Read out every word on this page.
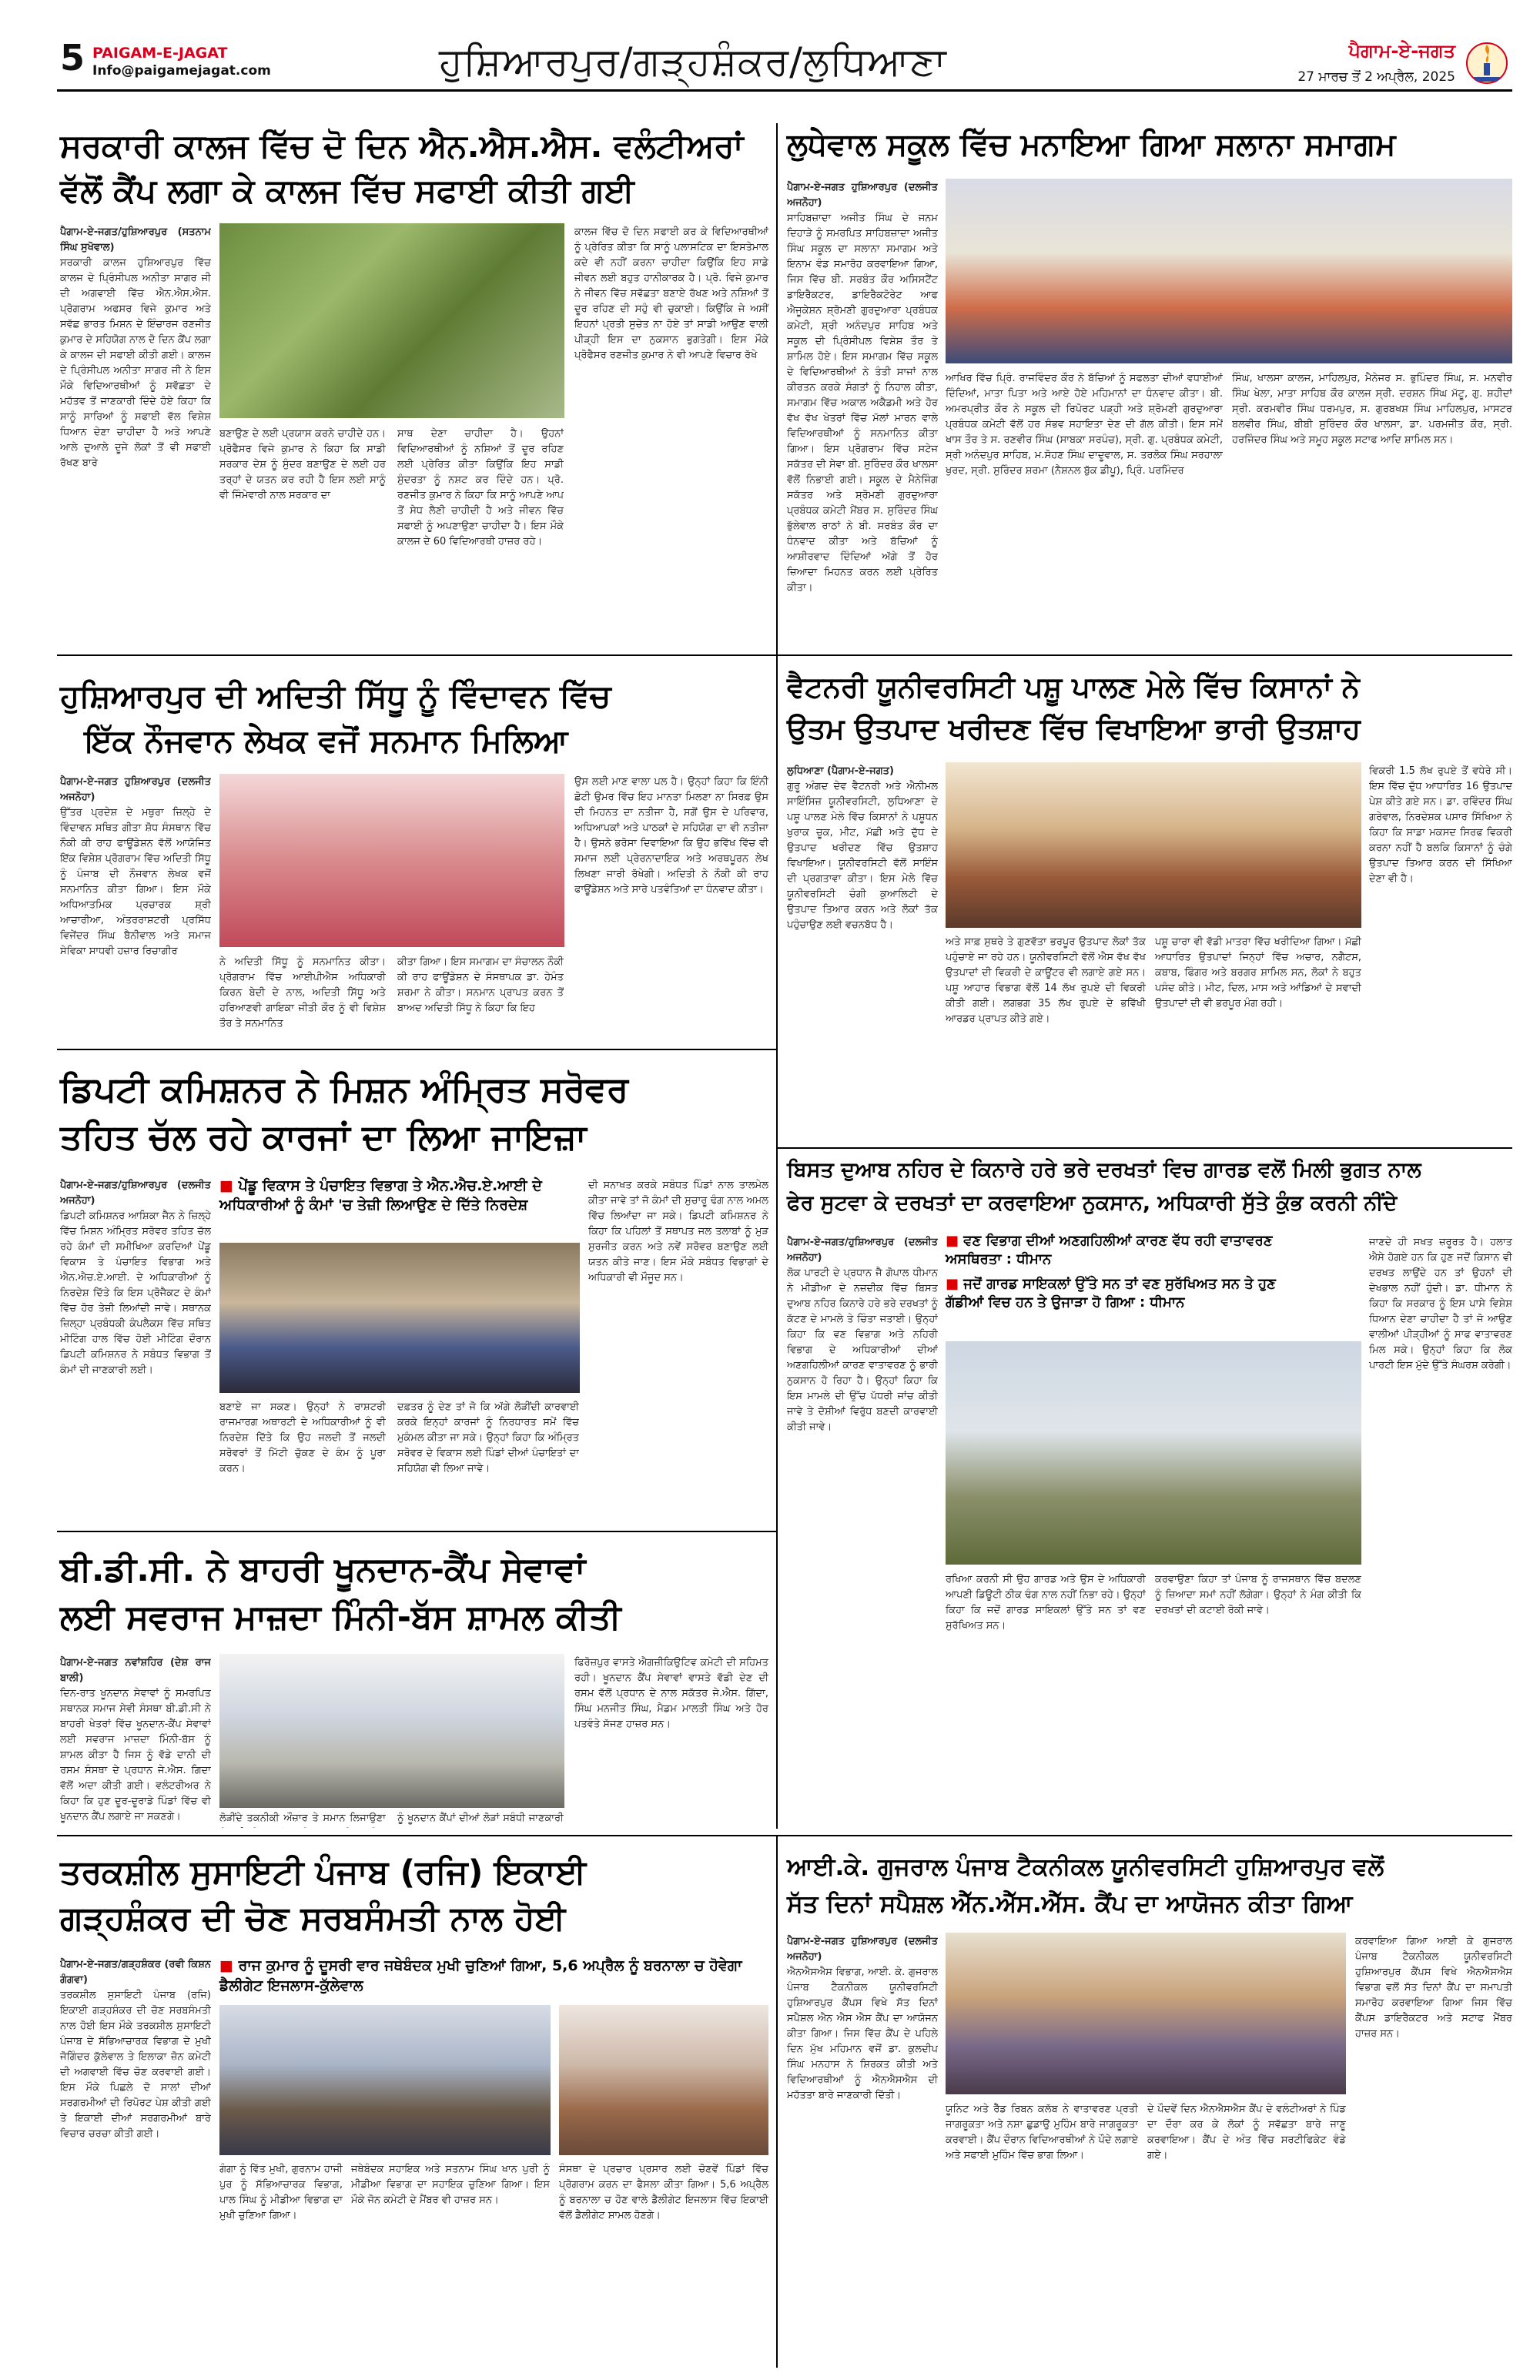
5 PAIGAM-E-JAGAT
Info@paigamejagat.com	ਹੁਸ਼ਿਆਰਪੁਰ/ਗੜ੍ਹਸ਼ੰਕਰ/ਲੁਧਿਆਣਾ	ਪੈਗਾਮ-ਏ-ਜਗਤ
27 ਮਾਰਚ ਤੋਂ 2 ਅਪ੍ਰੈਲ, 2025
ਸਰਕਾਰੀ ਕਾਲਜ ਵਿੱਚ ਦੋ ਦਿਨ ਐਨ.ਐਸ.ਐਸ. ਵਲੰਟੀਅਰਾਂ
ਵੱਲੋਂ ਕੈਂਪ ਲਗਾ ਕੇ ਕਾਲਜ ਵਿੱਚ ਸਫਾਈ ਕੀਤੀ ਗਈ
ਪੈਗਾਮ-ਏ-ਜਗਤ/ਹੁਸ਼ਿਆਰਪੁਰ (ਸਤਨਾਮ ਸਿੰਘ ਸੁਖੋਵਾਲ)
ਸਰਕਾਰੀ ਕਾਲਜ ਹੁਸ਼ਿਆਰਪੁਰ ਵਿੱਚ ਕਾਲਜ ਦੇ ਪ੍ਰਿੰਸੀਪਲ ਅਨੀਤਾ ਸਾਗਰ ਜੀ ਦੀ ਅਗਵਾਈ ਵਿੱਚ ਐਨ.ਐਸ.ਐਸ. ਪ੍ਰੋਗਰਾਮ ਅਫਸਰ ਵਿਜੇ ਕੁਮਾਰ ਅਤੇ ਸਵੱਛ ਭਾਰਤ ਮਿਸ਼ਨ ਦੇ ਇੰਚਾਰਜ ਰਣਜੀਤ ਕੁਮਾਰ ਦੇ ਸਹਿਯੋਗ ਨਾਲ ਦੋ ਦਿਨ ਕੈਂਪ ਲਗਾ ਕੇ ਕਾਲਜ ਦੀ ਸਫਾਈ ਕੀਤੀ ਗਈ। ਕਾਲਜ ਦੇ ਪ੍ਰਿੰਸੀਪਲ ਅਨੀਤਾ ਸਾਗਰ ਜੀ ਨੇ ਇਸ ਮੌਕੇ ਵਿਦਿਆਰਥੀਆਂ ਨੂੰ ਸਵੱਛਤਾ ਦੇ ਮਹੱਤਵ ਤੋਂ ਜਾਣਕਾਰੀ ਦਿੰਦੇ ਹੋਏ ਕਿਹਾ ਕਿ ਸਾਨੂੰ ਸਾਰਿਆਂ ਨੂੰ ਸਫਾਈ ਵੱਲ ਵਿਸ਼ੇਸ਼ ਧਿਆਨ ਦੇਣਾ ਚਾਹੀਦਾ ਹੈ ਅਤੇ ਆਪਣੇ ਆਲੇ ਦੁਆਲੇ ਦੂਜੇ ਲੋਕਾਂ ਤੋਂ ਵੀ ਸਫਾਈ ਰੱਖਣ ਬਾਰੇ
ਬਣਾਉਣ ਦੇ ਲਈ ਪ੍ਰਯਾਸ ਕਰਨੇ ਚਾਹੀਦੇ ਹਨ। ਪ੍ਰੋਫੈਸਰ ਵਿਜੇ ਕੁਮਾਰ ਨੇ ਕਿਹਾ ਕਿ ਸਾਡੀ ਸਰਕਾਰ ਦੇਸ਼ ਨੂੰ ਸੁੰਦਰ ਬਣਾਉਣ ਦੇ ਲਈ ਹਰ ਤਰ੍ਹਾਂ ਦੇ ਯਤਨ ਕਰ ਰਹੀ ਹੈ ਇਸ ਲਈ ਸਾਨੂੰ ਵੀ ਜਿੰਮੇਵਾਰੀ ਨਾਲ ਸਰਕਾਰ ਦਾ
ਸਾਥ ਦੇਣਾ ਚਾਹੀਦਾ ਹੈ। ਉਹਨਾਂ ਵਿਦਿਆਰਥੀਆਂ ਨੂੰ ਨਸ਼ਿਆਂ ਤੋਂ ਦੂਰ ਰਹਿਣ ਲਈ ਪ੍ਰੇਰਿਤ ਕੀਤਾ ਕਿਉਂਕਿ ਇਹ ਸਾਡੀ ਸੁੰਦਰਤਾ ਨੂੰ ਨਸ਼ਟ ਕਰ ਦਿੰਦੇ ਹਨ। ਪ੍ਰੋ. ਰਣਜੀਤ ਕੁਮਾਰ ਨੇ ਕਿਹਾ ਕਿ ਸਾਨੂੰ ਆਪਣੇ ਆਪ ਤੋਂ ਸੇਧ ਲੈਣੀ ਚਾਹੀਦੀ ਹੈ ਅਤੇ ਜੀਵਨ ਵਿੱਚ ਸਫਾਈ ਨੂੰ ਅਪਣਾਉਣਾ ਚਾਹੀਦਾ ਹੈ। ਇਸ ਮੌਕੇ ਕਾਲਜ ਦੇ 60 ਵਿਦਿਆਰਥੀ ਹਾਜ਼ਰ ਰਹੇ।
ਕਾਲਜ ਵਿੱਚ ਦੋ ਦਿਨ ਸਫਾਈ ਕਰ ਕੇ ਵਿਦਿਆਰਥੀਆਂ ਨੂੰ ਪ੍ਰੇਰਿਤ ਕੀਤਾ ਕਿ ਸਾਨੂੰ ਪਲਾਸਟਿਕ ਦਾ ਇਸਤੇਮਾਲ ਕਦੇ ਵੀ ਨਹੀਂ ਕਰਨਾ ਚਾਹੀਦਾ ਕਿਉਂਕਿ ਇਹ ਸਾਡੇ ਜੀਵਨ ਲਈ ਬਹੁਤ ਹਾਨੀਕਾਰਕ ਹੈ। ਪ੍ਰੋ. ਵਿਜੇ ਕੁਮਾਰ ਨੇ ਜੀਵਨ ਵਿੱਚ ਸਵੱਛਤਾ ਬਣਾਏ ਰੱਖਣ ਅਤੇ ਨਸ਼ਿਆਂ ਤੋਂ ਦੂਰ ਰਹਿਣ ਦੀ ਸਹੁੰ ਵੀ ਚੁਕਾਈ। ਕਿਉਂਕਿ ਜੇ ਅਸੀਂ ਇਹਨਾਂ ਪ੍ਰਤੀ ਸੁਚੇਤ ਨਾ ਹੋਏ ਤਾਂ ਸਾਡੀ ਆਉਣ ਵਾਲੀ ਪੀੜ੍ਹੀ ਇਸ ਦਾ ਨੁਕਸਾਨ ਭੁਗਤੇਗੀ। ਇਸ ਮੌਕੇ ਪ੍ਰੋਫੈਸਰ ਰਣਜੀਤ ਕੁਮਾਰ ਨੇ ਵੀ ਆਪਣੇ ਵਿਚਾਰ ਰੱਖੇ
ਲੁਧੇਵਾਲ ਸਕੂਲ ਵਿੱਚ ਮਨਾਇਆ ਗਿਆ ਸਲਾਨਾ ਸਮਾਗਮ
ਪੈਗਾਮ-ਏ-ਜਗਤ ਹੁਸ਼ਿਆਰਪੁਰ (ਦਲਜੀਤ ਅਜਨੋਹਾ)
ਸਾਹਿਬਜ਼ਾਦਾ ਅਜੀਤ ਸਿੰਘ ਦੇ ਜਨਮ ਦਿਹਾੜੇ ਨੂੰ ਸਮਰਪਿਤ ਸਾਹਿਬਜ਼ਾਦਾ ਅਜੀਤ ਸਿੰਘ ਸਕੂਲ ਦਾ ਸਲਾਨਾ ਸਮਾਗਮ ਅਤੇ ਇਨਾਮ ਵੰਡ ਸਮਾਰੋਹ ਕਰਵਾਇਆ ਗਿਆ, ਜਿਸ ਵਿੱਚ ਬੀ. ਸਰਬੰਤ ਕੌਰ ਅਸਿਸਟੈਂਟ ਡਾਇਰੈਕਟਰ, ਡਾਇਰੈਕਟੋਰੇਟ ਆਫ ਐਜੂਕੇਸ਼ਨ ਸ਼੍ਰੋਮਣੀ ਗੁਰਦੁਆਰਾ ਪ੍ਰਬੰਧਕ ਕਮੇਟੀ, ਸ਼੍ਰੀ ਅਨੰਦਪੁਰ ਸਾਹਿਬ ਅਤੇ ਸਕੂਲ ਦੀ ਪ੍ਰਿੰਸੀਪਲ ਵਿਸ਼ੇਸ਼ ਤੌਰ ਤੇ ਸ਼ਾਮਿਲ ਹੋਏ। ਇਸ ਸਮਾਗਮ ਵਿੱਚ ਸਕੂਲ ਦੇ ਵਿਦਿਆਰਥੀਆਂ ਨੇ ਤੰਤੀ ਸਾਜਾਂ ਨਾਲ ਕੀਰਤਨ ਕਰਕੇ ਸੰਗਤਾਂ ਨੂੰ ਨਿਹਾਲ ਕੀਤਾ, ਸਮਾਗਮ ਵਿੱਚ ਅਕਾਲ ਅਕੈਡਮੀ ਅਤੇ ਹੋਰ ਵੱਖ ਵੱਖ ਖੇਤਰਾਂ ਵਿੱਚ ਮੱਲਾਂ ਮਾਰਨ ਵਾਲੇ ਵਿਦਿਆਰਥੀਆਂ ਨੂੰ ਸਨਮਾਨਿਤ ਕੀਤਾ ਗਿਆ। ਇਸ ਪ੍ਰੋਗਰਾਮ ਵਿੱਚ ਸਟੇਜ ਸਕੱਤਰ ਦੀ ਸੇਵਾ ਬੀ. ਸੁਰਿੰਦਰ ਕੌਰ ਖਾਲਸਾ ਵੱਲੋਂ ਨਿਭਾਈ ਗਈ। ਸਕੂਲ ਦੇ ਮੈਨੇਜਿੰਗ ਸਕੱਤਰ ਅਤੇ ਸ਼੍ਰੋਮਣੀ ਗੁਰਦੁਆਰਾ ਪ੍ਰਬੰਧਕ ਕਮੇਟੀ ਮੈਂਬਰ ਸ. ਸੁਰਿੰਦਰ ਸਿੰਘ ਭੁੱਲੇਵਾਲ ਰਾਠਾਂ ਨੇ ਬੀ. ਸਰਬੰਤ ਕੌਰ ਦਾ ਧੰਨਵਾਦ ਕੀਤਾ ਅਤੇ ਬੱਚਿਆਂ ਨੂੰ ਆਸ਼ੀਰਵਾਦ ਦਿੰਦਿਆਂ ਅੱਗੇ ਤੋਂ ਹੋਰ ਜ਼ਿਆਦਾ ਮਿਹਨਤ ਕਰਨ ਲਈ ਪ੍ਰੇਰਿਤ ਕੀਤਾ।
ਆਖਿਰ ਵਿੱਚ ਪ੍ਰਿੰ. ਰਾਜਵਿੰਦਰ ਕੌਰ ਨੇ ਬੱਚਿਆਂ ਨੂੰ ਸਫਲਤਾ ਦੀਆਂ ਵਧਾਈਆਂ ਦਿੰਦਿਆਂ, ਮਾਤਾ ਪਿਤਾ ਅਤੇ ਆਏ ਹੋਏ ਮਹਿਮਾਨਾਂ ਦਾ ਧੰਨਵਾਦ ਕੀਤਾ। ਬੀ. ਅਮਰਪ੍ਰੀਤ ਕੌਰ ਨੇ ਸਕੂਲ ਦੀ ਰਿਪੋਰਟ ਪੜ੍ਹੀ ਅਤੇ ਸ਼੍ਰੋਮਣੀ ਗੁਰਦੁਆਰਾ ਪ੍ਰਬੰਧਕ ਕਮੇਟੀ ਵੱਲੋਂ ਹਰ ਸੰਭਵ ਸਹਾਇਤਾ ਦੇਣ ਦੀ ਗੱਲ ਕੀਤੀ। ਇਸ ਸਮੇਂ ਖਾਸ ਤੌਰ ਤੇ ਸ. ਰਣਵੀਰ ਸਿੰਘ (ਸਾਬਕਾ ਸਰਪੰਚ), ਸ੍ਰੀ. ਗੁ. ਪ੍ਰਬੰਧਕ ਕਮੇਟੀ, ਸ੍ਰੀ ਅਨੰਦਪੁਰ ਸਾਹਿਬ, ਮ.ਸੋਹਣ ਸਿੰਘ ਦਾਦੂਵਾਲ, ਸ. ਤਰਲੋਕ ਸਿੰਘ ਸਰਹਾਲਾ ਖੁਰਦ, ਸ੍ਰੀ. ਸੁਰਿੰਦਰ ਸ਼ਰਮਾ (ਨੈਸ਼ਨਲ ਬੁੱਕ ਡੀਪੂ), ਪ੍ਰਿੰ. ਪਰਮਿੰਦਰ
ਸਿੰਘ, ਖਾਲਸਾ ਕਾਲਜ, ਮਾਹਿਲਪੁਰ, ਮੈਨੇਜਰ ਸ. ਭੁਪਿੰਦਰ ਸਿੰਘ, ਸ. ਮਨਵੀਰ ਸਿੰਘ ਖੇਲਾ, ਮਾਤਾ ਸਾਹਿਬ ਕੌਰ ਕਾਲਜ ਸ੍ਰੀ. ਦਰਸ਼ਨ ਸਿੰਘ ਮੱਟੂ, ਗੁ. ਸ਼ਹੀਦਾਂ ਸ੍ਰੀ. ਕਰਮਵੀਰ ਸਿੰਘ ਧਰਮਪੁਰ, ਸ. ਗੁਰਬਖਸ਼ ਸਿੰਘ ਮਾਹਿਲਪੁਰ, ਮਾਸਟਰ ਬਲਵੀਰ ਸਿੰਘ, ਬੀਬੀ ਸੁਰਿੰਦਰ ਕੌਰ ਖਾਲਸਾ, ਡਾ. ਪਰਮਜੀਤ ਕੌਰ, ਸ੍ਰੀ. ਹਰਜਿੰਦਰ ਸਿੰਘ ਅਤੇ ਸਮੂਹ ਸਕੂਲ ਸਟਾਫ ਆਦਿ ਸ਼ਾਮਿਲ ਸਨ।
ਹੁਸ਼ਿਆਰਪੁਰ ਦੀ ਅਦਿਤੀ ਸਿੱਧੂ ਨੂੰ ਵਿੰਦਾਵਨ ਵਿੱਚ
ਇੱਕ ਨੌਜਵਾਨ ਲੇਖਕ ਵਜੋਂ ਸਨਮਾਨ ਮਿਲਿਆ
ਪੈਗਾਮ-ਏ-ਜਗਤ ਹੁਸ਼ਿਆਰਪੁਰ (ਦਲਜੀਤ ਅਜਨੋਹਾ)
ਉੱਤਰ ਪ੍ਰਦੇਸ਼ ਦੇ ਮਥੁਰਾ ਜ਼ਿਲ੍ਹੇ ਦੇ ਵਿੰਦਾਵਨ ਸਥਿਤ ਗੀਤਾ ਸ਼ੋਧ ਸੰਸਥਾਨ ਵਿੱਚ ਨੌਕੀ ਕੀ ਰਾਹ ਫਾਊਂਡੇਸ਼ਨ ਵੱਲੋਂ ਆਯੋਜਿਤ ਇੱਕ ਵਿਸ਼ੇਸ਼ ਪ੍ਰੋਗਰਾਮ ਵਿੱਚ ਅਦਿਤੀ ਸਿੱਧੂ ਨੂੰ ਪੰਜਾਬ ਦੀ ਨੌਜਵਾਨ ਲੇਖਕ ਵਜੋਂ ਸਨਮਾਨਿਤ ਕੀਤਾ ਗਿਆ। ਇਸ ਮੌਕੇ ਅਧਿਆਤਮਿਕ ਪ੍ਰਚਾਰਕ ਸ਼੍ਰੀ ਆਚਾਰੀਆ, ਅੰਤਰਰਾਸ਼ਟਰੀ ਪ੍ਰਸਿੱਧ ਵਿਜੇਂਦਰ ਸਿੰਘ ਬੈਨੀਵਾਲ ਅਤੇ ਸਮਾਜ ਸੇਵਿਕਾ ਸਾਧਵੀ ਹਜ਼ਾਰ ਰਿਚਾਗੀਰ
ਨੇ ਅਦਿਤੀ ਸਿੱਧੂ ਨੂੰ ਸਨਮਾਨਿਤ ਕੀਤਾ। ਪ੍ਰੋਗਰਾਮ ਵਿੱਚ ਆਈਪੀਐਸ ਅਧਿਕਾਰੀ ਕਿਰਨ ਬੇਦੀ ਦੇ ਨਾਲ, ਅਦਿਤੀ ਸਿੱਧੂ ਅਤੇ ਹਰਿਆਣਵੀ ਗਾਇਕਾ ਜੀਤੀ ਕੌਰ ਨੂੰ ਵੀ ਵਿਸ਼ੇਸ਼ ਤੌਰ ਤੇ ਸਨਮਾਨਿਤ
ਕੀਤਾ ਗਿਆ। ਇਸ ਸਮਾਗਮ ਦਾ ਸੰਚਾਲਨ ਨੌਕੀ ਕੀ ਰਾਹ ਫਾਊਂਡੇਸ਼ਨ ਦੇ ਸੰਸਥਾਪਕ ਡਾ. ਹੇਮੰਤ ਸ਼ਰਮਾ ਨੇ ਕੀਤਾ। ਸਨਮਾਨ ਪ੍ਰਾਪਤ ਕਰਨ ਤੋਂ ਬਾਅਦ ਅਦਿਤੀ ਸਿੱਧੂ ਨੇ ਕਿਹਾ ਕਿ ਇਹ
ਉਸ ਲਈ ਮਾਣ ਵਾਲਾ ਪਲ ਹੈ। ਉਨ੍ਹਾਂ ਕਿਹਾ ਕਿ ਇੰਨੀ ਛੋਟੀ ਉਮਰ ਵਿੱਚ ਇਹ ਮਾਨਤਾ ਮਿਲਣਾ ਨਾ ਸਿਰਫ਼ ਉਸ ਦੀ ਮਿਹਨਤ ਦਾ ਨਤੀਜਾ ਹੈ, ਸਗੋਂ ਉਸ ਦੇ ਪਰਿਵਾਰ, ਅਧਿਆਪਕਾਂ ਅਤੇ ਪਾਠਕਾਂ ਦੇ ਸਹਿਯੋਗ ਦਾ ਵੀ ਨਤੀਜਾ ਹੈ। ਉਸਨੇ ਭਰੋਸਾ ਦਿਵਾਇਆ ਕਿ ਉਹ ਭਵਿੱਖ ਵਿੱਚ ਵੀ ਸਮਾਜ ਲਈ ਪ੍ਰੇਰਨਾਦਾਇਕ ਅਤੇ ਅਰਥਪੂਰਨ ਲੇਖ ਲਿਖਣਾ ਜਾਰੀ ਰੱਖੇਗੀ। ਅਦਿਤੀ ਨੇ ਨੌਕੀ ਕੀ ਰਾਹ ਫਾਊਂਡੇਸ਼ਨ ਅਤੇ ਸਾਰੇ ਪਤਵੰਤਿਆਂ ਦਾ ਧੰਨਵਾਦ ਕੀਤਾ।
ਵੈਟਨਰੀ ਯੂਨੀਵਰਸਿਟੀ ਪਸ਼ੂ ਪਾਲਣ ਮੇਲੇ ਵਿੱਚ ਕਿਸਾਨਾਂ ਨੇ
ਉਤਮ ਉਤਪਾਦ ਖਰੀਦਣ ਵਿੱਚ ਵਿਖਾਇਆ ਭਾਰੀ ਉਤਸ਼ਾਹ
ਲੁਧਿਆਣਾ (ਪੈਗਾਮ-ਏ-ਜਗਤ)
ਗੁਰੂ ਅੰਗਦ ਦੇਵ ਵੈਟਨਰੀ ਅਤੇ ਐਨੀਮਲ ਸਾਇੰਸਿਜ਼ ਯੂਨੀਵਰਸਿਟੀ, ਲੁਧਿਆਣਾ ਦੇ ਪਸ਼ੂ ਪਾਲਣ ਮੇਲੇ ਵਿੱਚ ਕਿਸਾਨਾਂ ਨੇ ਪਸ਼ੂਧਨ ਖੁਰਾਕ ਚੂਕ, ਮੀਟ, ਮੱਛੀ ਅਤੇ ਦੁੱਧ ਦੇ ਉਤਪਾਦ ਖਰੀਦਣ ਵਿੱਚ ਉਤਸ਼ਾਹ ਵਿਖਾਇਆ। ਯੂਨੀਵਰਸਿਟੀ ਵੱਲੋਂ ਸਾਇੰਸ ਦੀ ਪ੍ਰਗਤਾਵਾ ਕੀਤਾ। ਇਸ ਮੇਲੇ ਵਿੱਚ ਯੂਨੀਵਰਸਿਟੀ ਚੰਗੀ ਕੁਆਲਿਟੀ ਦੇ ਉਤਪਾਦ ਤਿਆਰ ਕਰਨ ਅਤੇ ਲੋਕਾਂ ਤੱਕ ਪਹੁੰਚਾਉਣ ਲਈ ਵਚਨਬੱਧ ਹੈ।
ਅਤੇ ਸਾਫ਼ ਸੁਥਰੇ ਤੇ ਗੁਣਵੱਤਾ ਭਰਪੂਰ ਉਤਪਾਦ ਲੋਕਾਂ ਤੱਕ ਪਹੁੰਚਾਏ ਜਾ ਰਹੇ ਹਨ। ਯੂਨੀਵਰਸਿਟੀ ਵੱਲੋਂ ਐਸ ਵੱਖ ਵੱਖ ਉਤਪਾਦਾਂ ਦੀ ਵਿਕਰੀ ਦੇ ਕਾਊਂਟਰ ਵੀ ਲਗਾਏ ਗਏ ਸਨ। ਪਸ਼ੂ ਆਹਾਰ ਵਿਭਾਗ ਵੱਲੋਂ 14 ਲੱਖ ਰੁਪਏ ਦੀ ਵਿਕਰੀ ਕੀਤੀ ਗਈ। ਲਗਭਗ 35 ਲੱਖ ਰੁਪਏ ਦੇ ਭਵਿੱਖੀ ਆਰਡਰ ਪ੍ਰਾਪਤ ਕੀਤੇ ਗਏ।
ਪਸ਼ੂ ਚਾਰਾ ਵੀ ਵੱਡੀ ਮਾਤਰਾ ਵਿੱਚ ਖਰੀਦਿਆ ਗਿਆ। ਮੱਛੀ ਆਧਾਰਿਤ ਉਤਪਾਦਾਂ ਜਿਨ੍ਹਾਂ ਵਿੱਚ ਅਚਾਰ, ਨਗੈਟਸ, ਕਬਾਬ, ਫਿੰਗਰ ਅਤੇ ਬਰਗਰ ਸ਼ਾਮਿਲ ਸਨ, ਲੋਕਾਂ ਨੇ ਬਹੁਤ ਪਸੰਦ ਕੀਤੇ। ਮੀਟ, ਦਿਲ, ਮਾਸ ਅਤੇ ਆਂਡਿਆਂ ਦੇ ਸਵਾਦੀ ਉਤਪਾਦਾਂ ਦੀ ਵੀ ਭਰਪੂਰ ਮੰਗ ਰਹੀ।
ਵਿਕਰੀ 1.5 ਲੱਖ ਰੁਪਏ ਤੋਂ ਵਧੇਰੇ ਸੀ। ਇਸ ਵਿੱਚ ਦੁੱਧ ਆਧਾਰਿਤ 16 ਉਤਪਾਦ ਪੇਸ਼ ਕੀਤੇ ਗਏ ਸਨ। ਡਾ. ਰਵਿੰਦਰ ਸਿੰਘ ਗਰੇਵਾਲ, ਨਿਰਦੇਸ਼ਕ ਪਸਾਰ ਸਿੱਖਿਆ ਨੇ ਕਿਹਾ ਕਿ ਸਾਡਾ ਮਕਸਦ ਸਿਰਫ ਵਿਕਰੀ ਕਰਨਾ ਨਹੀਂ ਹੈ ਬਲਕਿ ਕਿਸਾਨਾਂ ਨੂੰ ਚੰਗੇ ਉਤਪਾਦ ਤਿਆਰ ਕਰਨ ਦੀ ਸਿੱਖਿਆ ਦੇਣਾ ਵੀ ਹੈ।
ਡਿਪਟੀ ਕਮਿਸ਼ਨਰ ਨੇ ਮਿਸ਼ਨ ਅੰਮ੍ਰਿਤ ਸਰੋਵਰ
ਤਹਿਤ ਚੱਲ ਰਹੇ ਕਾਰਜਾਂ ਦਾ ਲਿਆ ਜਾਇਜ਼ਾ
■ ਪੇਂਡੂ ਵਿਕਾਸ ਤੇ ਪੰਚਾਇਤ ਵਿਭਾਗ ਤੇ ਐਨ.ਐਚ.ਏ.ਆਈ ਦੇ ਅਧਿਕਾਰੀਆਂ ਨੂੰ ਕੰਮਾਂ 'ਚ ਤੇਜ਼ੀ ਲਿਆਉਣ ਦੇ ਦਿੱਤੇ ਨਿਰਦੇਸ਼
ਪੈਗਾਮ-ਏ-ਜਗਤ/ਹੁਸ਼ਿਆਰਪੁਰ (ਦਲਜੀਤ ਅਜਨੋਹਾ)
ਡਿਪਟੀ ਕਮਿਸ਼ਨਰ ਆਸ਼ਿਕਾ ਜੈਨ ਨੇ ਜ਼ਿਲ੍ਹੇ ਵਿੱਚ ਮਿਸ਼ਨ ਅੰਮ੍ਰਿਤ ਸਰੋਵਰ ਤਹਿਤ ਚੱਲ ਰਹੇ ਕੰਮਾਂ ਦੀ ਸਮੀਖਿਆ ਕਰਦਿਆਂ ਪੇਂਡੂ ਵਿਕਾਸ ਤੇ ਪੰਚਾਇਤ ਵਿਭਾਗ ਅਤੇ ਐਨ.ਐਚ.ਏ.ਆਈ. ਦੇ ਅਧਿਕਾਰੀਆਂ ਨੂੰ ਨਿਰਦੇਸ਼ ਦਿੱਤੇ ਕਿ ਇਸ ਪ੍ਰੋਜੈਕਟ ਦੇ ਕੰਮਾਂ ਵਿੱਚ ਹੋਰ ਤੇਜ਼ੀ ਲਿਆਂਦੀ ਜਾਵੇ। ਸਥਾਨਕ ਜ਼ਿਲ੍ਹਾ ਪ੍ਰਬੰਧਕੀ ਕੰਪਲੈਕਸ ਵਿੱਚ ਸਥਿਤ ਮੀਟਿੰਗ ਹਾਲ ਵਿੱਚ ਹੋਈ ਮੀਟਿੰਗ ਦੌਰਾਨ ਡਿਪਟੀ ਕਮਿਸ਼ਨਰ ਨੇ ਸਬੰਧਤ ਵਿਭਾਗ ਤੋਂ ਕੰਮਾਂ ਦੀ ਜਾਣਕਾਰੀ ਲਈ।
ਬਣਾਏ ਜਾ ਸਕਣ। ਉਨ੍ਹਾਂ ਨੇ ਰਾਸ਼ਟਰੀ ਰਾਜਮਾਰਗ ਅਥਾਰਟੀ ਦੇ ਅਧਿਕਾਰੀਆਂ ਨੂੰ ਵੀ ਨਿਰਦੇਸ਼ ਦਿੱਤੇ ਕਿ ਉਹ ਜਲਦੀ ਤੋਂ ਜਲਦੀ ਸਰੋਵਰਾਂ ਤੋਂ ਮਿੱਟੀ ਚੁੱਕਣ ਦੇ ਕੰਮ ਨੂੰ ਪੂਰਾ ਕਰਨ।
ਦਫ਼ਤਰ ਨੂੰ ਦੇਣ ਤਾਂ ਜੋ ਕਿ ਅੱਗੇ ਲੋੜੀਂਦੀ ਕਾਰਵਾਈ ਕਰਕੇ ਇਨ੍ਹਾਂ ਕਾਰਜਾਂ ਨੂੰ ਨਿਰਧਾਰਤ ਸਮੇਂ ਵਿੱਚ ਮੁਕੰਮਲ ਕੀਤਾ ਜਾ ਸਕੇ। ਉਨ੍ਹਾਂ ਕਿਹਾ ਕਿ ਅੰਮ੍ਰਿਤ ਸਰੋਵਰ ਦੇ ਵਿਕਾਸ ਲਈ ਪਿੰਡਾਂ ਦੀਆਂ ਪੰਚਾਇਤਾਂ ਦਾ ਸਹਿਯੋਗ ਵੀ ਲਿਆ ਜਾਵੇ।
ਦੀ ਸਨਾਖਤ ਕਰਕੇ ਸਬੰਧਤ ਪਿੰਡਾਂ ਨਾਲ ਤਾਲਮੇਲ ਕੀਤਾ ਜਾਵੇ ਤਾਂ ਜੋ ਕੰਮਾਂ ਦੀ ਸੁਚਾਰੂ ਢੰਗ ਨਾਲ ਅਮਲ ਵਿੱਚ ਲਿਆਂਦਾ ਜਾ ਸਕੇ। ਡਿਪਟੀ ਕਮਿਸ਼ਨਰ ਨੇ ਕਿਹਾ ਕਿ ਪਹਿਲਾਂ ਤੋਂ ਸਥਾਪਤ ਜਲ ਤਲਾਬਾਂ ਨੂੰ ਮੁੜ ਸੁਰਜੀਤ ਕਰਨ ਅਤੇ ਨਵੇਂ ਸਰੋਵਰ ਬਣਾਉਣ ਲਈ ਯਤਨ ਕੀਤੇ ਜਾਣ। ਇਸ ਮੌਕੇ ਸਬੰਧਤ ਵਿਭਾਗਾਂ ਦੇ ਅਧਿਕਾਰੀ ਵੀ ਮੌਜੂਦ ਸਨ।
ਬਿਸਤ ਦੁਆਬ ਨਹਿਰ ਦੇ ਕਿਨਾਰੇ ਹਰੇ ਭਰੇ ਦਰਖਤਾਂ ਵਿਚ ਗਾਰਡ ਵਲੋਂ ਮਿਲੀ ਭੁਗਤ ਨਾਲ
ਫੇਰ ਸੁਟਵਾ ਕੇ ਦਰਖਤਾਂ ਦਾ ਕਰਵਾਇਆ ਨੁਕਸਾਨ, ਅਧਿਕਾਰੀ ਸੁੱਤੇ ਕੁੰਭ ਕਰਨੀ ਨੀਂਦੇ
■ ਵਣ ਵਿਭਾਗ ਦੀਆਂ ਅਣਗਹਿਲੀਆਂ ਕਾਰਣ ਵੱਧ ਰਹੀ ਵਾਤਾਵਰਣ ਅਸਥਿਰਤਾ : ਧੀਮਾਨ
■ ਜਦੋਂ ਗਾਰਡ ਸਾਇਕਲਾਂ ਉੱਤੇ ਸਨ ਤਾਂ ਵਣ ਸੁਰੱਖਿਅਤ ਸਨ ਤੇ ਹੁਣ ਗੱਡੀਆਂ ਵਿਚ ਹਨ ਤੇ ਉਜਾੜਾ ਹੋ ਗਿਆ : ਧੀਮਾਨ
ਪੈਗਾਮ-ਏ-ਜਗਤ/ਹੁਸ਼ਿਆਰਪੁਰ (ਦਲਜੀਤ ਅਜਨੋਹਾ)
ਲੋਕ ਪਾਰਟੀ ਦੇ ਪ੍ਰਧਾਨ ਜੈ ਗੋਪਾਲ ਧੀਮਾਨ ਨੇ ਮੀਡੀਆ ਦੇ ਨਜ਼ਦੀਕ ਵਿੱਚ ਬਿਸਤ ਦੁਆਬ ਨਹਿਰ ਕਿਨਾਰੇ ਹਰੇ ਭਰੇ ਦਰਖਤਾਂ ਨੂੰ ਕੱਟਣ ਦੇ ਮਾਮਲੇ ਤੇ ਚਿੰਤਾ ਜਤਾਈ। ਉਨ੍ਹਾਂ ਕਿਹਾ ਕਿ ਵਣ ਵਿਭਾਗ ਅਤੇ ਨਹਿਰੀ ਵਿਭਾਗ ਦੇ ਅਧਿਕਾਰੀਆਂ ਦੀਆਂ ਅਣਗਹਿਲੀਆਂ ਕਾਰਣ ਵਾਤਾਵਰਣ ਨੂੰ ਭਾਰੀ ਨੁਕਸਾਨ ਹੋ ਰਿਹਾ ਹੈ। ਉਨ੍ਹਾਂ ਕਿਹਾ ਕਿ ਇਸ ਮਾਮਲੇ ਦੀ ਉੱਚ ਪੱਧਰੀ ਜਾਂਚ ਕੀਤੀ ਜਾਵੇ ਤੇ ਦੋਸ਼ੀਆਂ ਵਿਰੁੱਧ ਬਣਦੀ ਕਾਰਵਾਈ ਕੀਤੀ ਜਾਵੇ।
ਰਖਿਆ ਕਰਨੀ ਸੀ ਉਹ ਗਾਰਡ ਅਤੇ ਉਸ ਦੇ ਅਧਿਕਾਰੀ ਆਪਣੀ ਡਿਊਟੀ ਠੀਕ ਢੰਗ ਨਾਲ ਨਹੀਂ ਨਿਭਾ ਰਹੇ। ਉਨ੍ਹਾਂ ਕਿਹਾ ਕਿ ਜਦੋਂ ਗਾਰਡ ਸਾਇਕਲਾਂ ਉੱਤੇ ਸਨ ਤਾਂ ਵਣ ਸੁਰੱਖਿਅਤ ਸਨ।
ਕਰਵਾਉਣਾ ਕਿਹਾ ਤਾਂ ਪੰਜਾਬ ਨੂੰ ਰਾਜਸਥਾਨ ਵਿੱਚ ਬਦਲਣ ਨੂੰ ਜ਼ਿਆਦਾ ਸਮਾਂ ਨਹੀਂ ਲੱਗੇਗਾ। ਉਨ੍ਹਾਂ ਨੇ ਮੰਗ ਕੀਤੀ ਕਿ ਦਰਖਤਾਂ ਦੀ ਕਟਾਈ ਰੋਕੀ ਜਾਵੇ।
ਜਾਣਦੇ ਹੀ ਸਖਤ ਜ਼ਰੂਰਤ ਹੈ। ਹਲਾਤ ਐਸੇ ਹੋਗਏ ਹਨ ਕਿ ਹੁਣ ਜਦੋਂ ਕਿਸਾਨ ਵੀ ਦਰਖਤ ਲਾਉਂਦੇ ਹਨ ਤਾਂ ਉਹਨਾਂ ਦੀ ਦੇਖਭਾਲ ਨਹੀਂ ਹੁੰਦੀ। ਡਾ. ਧੀਮਾਨ ਨੇ ਕਿਹਾ ਕਿ ਸਰਕਾਰ ਨੂੰ ਇਸ ਪਾਸੇ ਵਿਸ਼ੇਸ਼ ਧਿਆਨ ਦੇਣਾ ਚਾਹੀਦਾ ਹੈ ਤਾਂ ਜੋ ਆਉਣ ਵਾਲੀਆਂ ਪੀੜ੍ਹੀਆਂ ਨੂੰ ਸਾਫ ਵਾਤਾਵਰਣ ਮਿਲ ਸਕੇ। ਉਨ੍ਹਾਂ ਕਿਹਾ ਕਿ ਲੋਕ ਪਾਰਟੀ ਇਸ ਮੁੱਦੇ ਉੱਤੇ ਸੰਘਰਸ਼ ਕਰੇਗੀ।
ਬੀ.ਡੀ.ਸੀ. ਨੇ ਬਾਹਰੀ ਖੂਨਦਾਨ-ਕੈਂਪ ਸੇਵਾਵਾਂ
ਲਈ ਸਵਰਾਜ ਮਾਜ਼ਦਾ ਮਿੰਨੀ-ਬੱਸ ਸ਼ਾਮਲ ਕੀਤੀ
ਪੈਗਾਮ-ਏ-ਜਗਤ ਨਵਾਂਸ਼ਹਿਰ (ਦੇਸ਼ ਰਾਜ ਬਾਲੀ)
ਦਿਨ-ਰਾਤ ਖੂਨਦਾਨ ਸੇਵਾਵਾਂ ਨੂੰ ਸਮਰਪਿਤ ਸਥਾਨਕ ਸਮਾਜ ਸੇਵੀ ਸੰਸਥਾ ਬੀ.ਡੀ.ਸੀ ਨੇ ਬਾਹਰੀ ਖੇਤਰਾਂ ਵਿੱਚ ਖੂਨਦਾਨ-ਕੈਂਪ ਸੇਵਾਵਾਂ ਲਈ ਸਵਰਾਜ ਮਾਜ਼ਦਾ ਮਿੰਨੀ-ਬੱਸ ਨੂੰ ਸ਼ਾਮਲ ਕੀਤਾ ਹੈ ਜਿਸ ਨੂੰ ਵੱਡੇ ਦਾਨੀ ਦੀ ਰਸਮ ਸੰਸਥਾ ਦੇ ਪ੍ਰਧਾਨ ਜੇ.ਐਸ. ਗਿਦਾ ਵੱਲੋਂ ਅਦਾ ਕੀਤੀ ਗਈ। ਵਲੰਟਰੀਅਰ ਨੇ ਕਿਹਾ ਕਿ ਹੁਣ ਦੂਰ-ਦੂਰਾਡੇ ਪਿੰਡਾਂ ਵਿੱਚ ਵੀ ਖੂਨਦਾਨ ਕੈਂਪ ਲਗਾਏ ਜਾ ਸਕਣਗੇ।	ਲੋੜੀਂਦੇ ਤਕਨੀਕੀ ਔਜ਼ਾਰ ਤੇ ਸਮਾਨ ਲਿਜਾਉਣਾ ਨੂੰ ਖੂਨਦਾਨ ਕੈਂਪਾਂ ਦੀਆਂ ਲੋੜਾਂ ਸਬੰਧੀ ਜਾਣਕਾਰੀ
ਫਿਰੋਜ਼ਪੁਰ ਵਾਸਤੇ ਐਗਜ਼ੀਕਿਉਟਿਵ ਕਮੇਟੀ ਦੀ ਸਹਿਮਤ ਰਹੀ। ਖੂਨਦਾਨ ਕੈਂਪ ਸੇਵਾਵਾਂ ਵਾਸਤੇ ਵੱਡੀ ਦੇਣ ਦੀ ਰਸਮ ਵੱਲੋਂ ਪ੍ਰਧਾਨ ਦੇ ਨਾਲ ਸਕੱਤਰ ਜੇ.ਐਸ. ਗਿੱਦਾ, ਸਿੰਘ ਮਨਜੀਤ ਸਿੰਘ, ਮੈਡਮ ਮਾਲਤੀ ਸਿੰਘ ਅਤੇ ਹੋਰ ਪਤਵੰਤੇ ਸੱਜਣ ਹਾਜ਼ਰ ਸਨ।
ਤਰਕਸ਼ੀਲ ਸੁਸਾਇਟੀ ਪੰਜਾਬ (ਰਜਿ) ਇਕਾਈ
ਗੜ੍ਹਸ਼ੰਕਰ ਦੀ ਚੋਣ ਸਰਬਸੰਮਤੀ ਨਾਲ ਹੋਈ
■ ਰਾਜ ਕੁਮਾਰ ਨੂੰ ਦੂਸਰੀ ਵਾਰ ਜਥੇਬੰਦਕ ਮੁਖੀ ਚੁਣਿਆਂ ਗਿਆ, 5,6 ਅਪ੍ਰੈਲ ਨੂੰ ਬਰਨਾਲਾ ਚ ਹੋਵੇਗਾ ਡੈਲੀਗੇਟ ਇਜਲਾਸ-ਕੁੱਲੇਵਾਲ
ਪੈਗਾਮ-ਏ-ਜਗਤ/ਗੜ੍ਹਸ਼ੰਕਰ (ਰਵੀ ਕਿਸ਼ਨ ਗੰਗਵਾ)
ਤਰਕਸ਼ੀਲ ਸੁਸਾਇਟੀ ਪੰਜਾਬ (ਰਜਿ) ਇਕਾਈ ਗੜ੍ਹਸ਼ੰਕਰ ਦੀ ਚੋਣ ਸਰਬਸੰਮਤੀ ਨਾਲ ਹੋਈ ਇਸ ਮੌਕੇ ਤਰਕਸ਼ੀਲ ਸੁਸਾਇਟੀ ਪੰਜਾਬ ਦੇ ਸੱਭਿਆਚਾਰਕ ਵਿਭਾਗ ਦੇ ਮੁਖੀ ਜੋਗਿੰਦਰ ਕੁੱਲੇਵਾਲ ਤੇ ਇਲਾਕਾ ਜ਼ੋਨ ਕਮੇਟੀ ਦੀ ਅਗਵਾਈ ਵਿੱਚ ਚੋਣ ਕਰਵਾਈ ਗਈ। ਇਸ ਮੌਕੇ ਪਿਛਲੇ ਦੋ ਸਾਲਾਂ ਦੀਆਂ ਸਰਗਰਮੀਆਂ ਦੀ ਰਿਪੋਰਟ ਪੇਸ਼ ਕੀਤੀ ਗਈ ਤੇ ਇਕਾਈ ਦੀਆਂ ਸਰਗਰਮੀਆਂ ਬਾਰੇ ਵਿਚਾਰ ਚਰਚਾ ਕੀਤੀ ਗਈ।
ਗੰਗਾ ਨੂੰ ਵਿੱਤ ਮੁਖੀ, ਗੁਰਨਾਮ ਹਾਜੀ ਪੁਰ ਨੂੰ ਸੱਭਿਆਚਾਰਕ ਵਿਭਾਗ, ਪਾਲ ਸਿੰਘ ਨੂੰ ਮੀਡੀਆ ਵਿਭਾਗ ਦਾ ਮੁਖੀ ਚੁਣਿਆ ਗਿਆ।
ਜਥੇਬੰਦਕ ਸਹਾਇਕ ਅਤੇ ਸਤਨਾਮ ਸਿੰਘ ਖਾਨ ਪੁਰੀ ਨੂੰ ਮੀਡੀਆ ਵਿਭਾਗ ਦਾ ਸਹਾਇਕ ਚੁਣਿਆ ਗਿਆ। ਇਸ ਮੌਕੇ ਜੋਨ ਕਮੇਟੀ ਦੇ ਮੈਂਬਰ ਵੀ ਹਾਜ਼ਰ ਸਨ।
ਸੰਸਥਾ ਦੇ ਪ੍ਰਚਾਰ ਪ੍ਰਸਾਰ ਲਈ ਚੋਣਵੇਂ ਪਿੰਡਾਂ ਵਿੱਚ ਪ੍ਰੋਗਰਾਮ ਕਰਨ ਦਾ ਫੈਸਲਾ ਕੀਤਾ ਗਿਆ। 5,6 ਅਪ੍ਰੈਲ ਨੂੰ ਬਰਨਾਲਾ ਚ ਹੋਣ ਵਾਲੇ ਡੈਲੀਗੇਟ ਇਜਲਾਸ ਵਿੱਚ ਇਕਾਈ ਵੱਲੋਂ ਡੈਲੀਗੇਟ ਸ਼ਾਮਲ ਹੋਣਗੇ।
ਆਈ.ਕੇ. ਗੁਜਰਾਲ ਪੰਜਾਬ ਟੈਕਨੀਕਲ ਯੂਨੀਵਰਸਿਟੀ ਹੁਸ਼ਿਆਰਪੁਰ ਵਲੋਂ
ਸੱਤ ਦਿਨਾਂ ਸਪੈਸ਼ਲ ਐੱਨ.ਐੱਸ.ਐੱਸ. ਕੈਂਪ ਦਾ ਆਯੋਜਨ ਕੀਤਾ ਗਿਆ
ਪੈਗਾਮ-ਏ-ਜਗਤ ਹੁਸ਼ਿਆਰਪੁਰ (ਦਲਜੀਤ ਅਜਨੋਹਾ)
ਐਨਐਸਐਸ ਵਿਭਾਗ, ਆਈ. ਕੇ. ਗੁਜਰਾਲ ਪੰਜਾਬ ਟੈਕਨੀਕਲ ਯੂਨੀਵਰਸਿਟੀ ਹੁਸ਼ਿਆਰਪੁਰ ਕੈਂਪਸ ਵਿਖੇ ਸੱਤ ਦਿਨਾਂ ਸਪੈਸ਼ਲ ਐਨ ਐਸ ਐਸ ਕੈਂਪ ਦਾ ਆਯੋਜਨ ਕੀਤਾ ਗਿਆ। ਜਿਸ ਵਿੱਚ ਕੈਂਪ ਦੇ ਪਹਿਲੇ ਦਿਨ ਮੁੱਖ ਮਹਿਮਾਨ ਵਜੋਂ ਡਾ. ਕੁਲਦੀਪ ਸਿੰਘ ਮਨਹਾਸ ਨੇ ਸ਼ਿਰਕਤ ਕੀਤੀ ਅਤੇ ਵਿਦਿਆਰਥੀਆਂ ਨੂੰ ਐਨਐਸਐਸ ਦੀ ਮਹੱਤਤਾ ਬਾਰੇ ਜਾਣਕਾਰੀ ਦਿੱਤੀ।
ਯੂਨਿਟ ਅਤੇ ਰੈੱਡ ਰਿਬਨ ਕਲੱਬ ਨੇ ਵਾਤਾਵਰਣ ਪ੍ਰਤੀ ਜਾਗਰੂਕਤਾ ਅਤੇ ਨਸ਼ਾ ਛੁਡਾਉ ਮੁਹਿੰਮ ਬਾਰੇ ਜਾਗਰੂਕਤਾ ਕਰਵਾਈ। ਕੈਂਪ ਦੌਰਾਨ ਵਿਦਿਆਰਥੀਆਂ ਨੇ ਪੌਦੇ ਲਗਾਏ ਅਤੇ ਸਫਾਈ ਮੁਹਿੰਮ ਵਿੱਚ ਭਾਗ ਲਿਆ।
ਦੇ ਪੌਦਵੇਂ ਦਿਨ ਐਨਐਸਐਸ ਕੈਂਪ ਦੇ ਵਲੰਟੀਅਰਾਂ ਨੇ ਪਿੰਡ ਦਾ ਦੌਰਾ ਕਰ ਕੇ ਲੋਕਾਂ ਨੂੰ ਸਵੱਛਤਾ ਬਾਰੇ ਜਾਣੂ ਕਰਵਾਇਆ। ਕੈਂਪ ਦੇ ਅੰਤ ਵਿੱਚ ਸਰਟੀਫਿਕੇਟ ਵੰਡੇ ਗਏ।
ਕਰਵਾਇਆ ਗਿਆ ਆਈ ਕੇ ਗੁਜਰਾਲ ਪੰਜਾਬ ਟੈਕਨੀਕਲ ਯੂਨੀਵਰਸਿਟੀ ਹੁਸ਼ਿਆਰਪੁਰ ਕੈਂਪਸ ਵਿਖੇ ਐਨਐਸਐਸ ਵਿਭਾਗ ਵਲੋਂ ਸੱਤ ਦਿਨਾਂ ਕੈਂਪ ਦਾ ਸਮਾਪਤੀ ਸਮਾਰੋਹ ਕਰਵਾਇਆ ਗਿਆ ਜਿਸ ਵਿੱਚ ਕੈਂਪਸ ਡਾਇਰੈਕਟਰ ਅਤੇ ਸਟਾਫ ਮੈਂਬਰ ਹਾਜ਼ਰ ਸਨ।
